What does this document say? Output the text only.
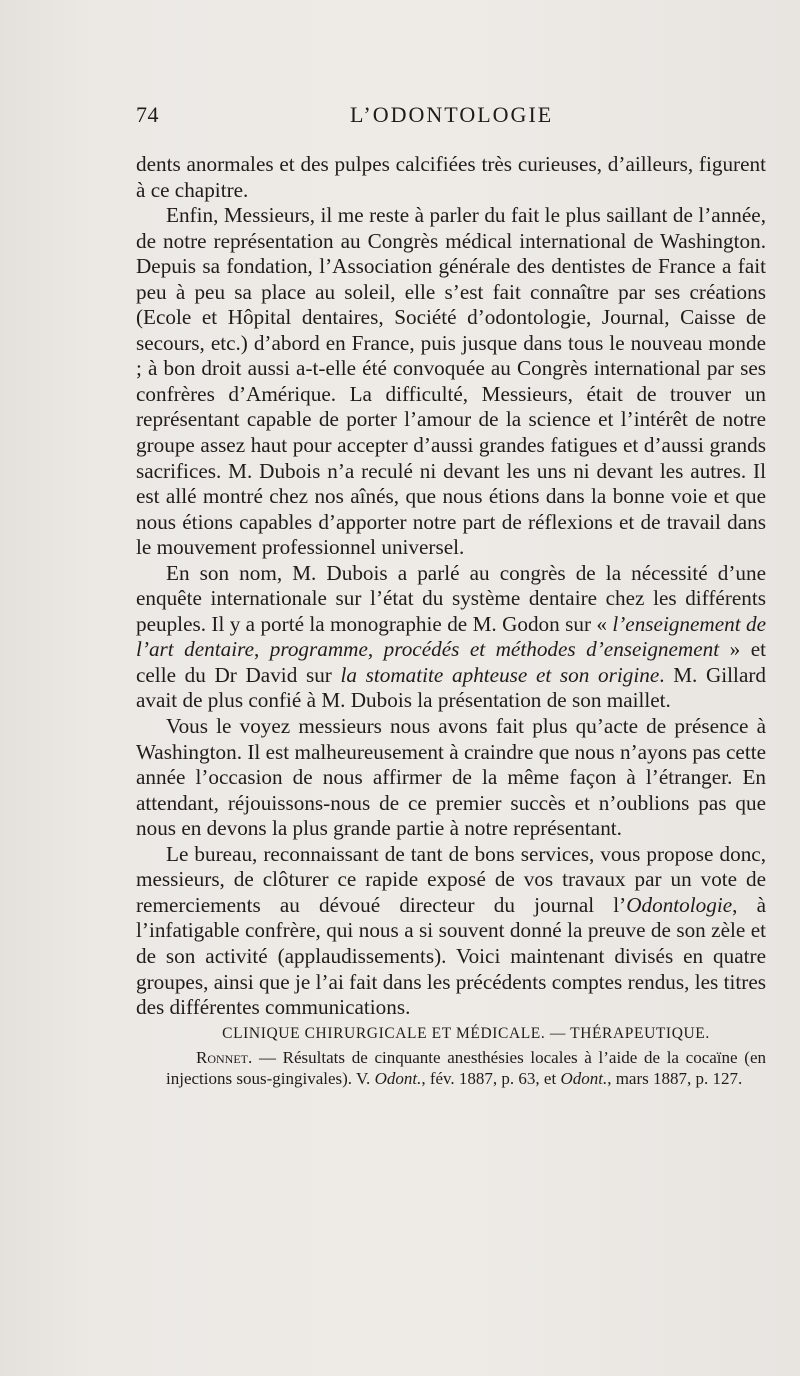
74	L’ODONTOLOGIE

dents anormales et des pulpes calcifiées très curieuses, d’ailleurs, figurent à ce chapitre.

Enfin, Messieurs, il me reste à parler du fait le plus saillant de l’année, de notre représentation au Congrès médical international de Washington. Depuis sa fondation, l’Association générale des dentistes de France a fait peu à peu sa place au soleil, elle s’est fait connaître par ses créations (Ecole et Hôpital dentaires, Société d’odontologie, Journal, Caisse de secours, etc.) d’abord en France, puis jusque dans tous le nouveau monde ; à bon droit aussi a-t-elle été convoquée au Congrès international par ses confrères d’Amérique. La difficulté, Messieurs, était de trouver un représentant capable de porter l’amour de la science et l’intérêt de notre groupe assez haut pour accepter d’aussi grandes fatigues et d’aussi grands sacrifices. M. Dubois n’a reculé ni devant les uns ni devant les autres. Il est allé montré chez nos aînés, que nous étions dans la bonne voie et que nous étions capables d’apporter notre part de réflexions et de travail dans le mouvement professionnel universel.

En son nom, M. Dubois a parlé au congrès de la nécessité d’une enquête internationale sur l’état du système dentaire chez les différents peuples. Il y a porté la monographie de M. Godon sur « l’enseignement de l’art dentaire, programme, procédés et méthodes d’enseignement » et celle du Dr David sur la stomatite aphteuse et son origine. M. Gillard avait de plus confié à M. Dubois la présentation de son maillet.

Vous le voyez messieurs nous avons fait plus qu’acte de présence à Washington. Il est malheureusement à craindre que nous n’ayons pas cette année l’occasion de nous affirmer de la même façon à l’étranger. En attendant, réjouissons-nous de ce premier succès et n’oublions pas que nous en devons la plus grande partie à notre représentant.

Le bureau, reconnaissant de tant de bons services, vous propose donc, messieurs, de clôturer ce rapide exposé de vos travaux par un vote de remerciements au dévoué directeur du journal l’Odontologie, à l’infatigable confrère, qui nous a si souvent donné la preuve de son zèle et de son activité (applaudissements). Voici maintenant divisés en quatre groupes, ainsi que je l’ai fait dans les précédents comptes rendus, les titres des différentes communications.

CLINIQUE CHIRURGICALE ET MÉDICALE. — THÉRAPEUTIQUE.

Ronnet. — Résultats de cinquante anesthésies locales à l’aide de la cocaïne (en injections sous-gingivales). V. Odont., fév. 1887, p. 63, et Odont., mars 1887, p. 127.
